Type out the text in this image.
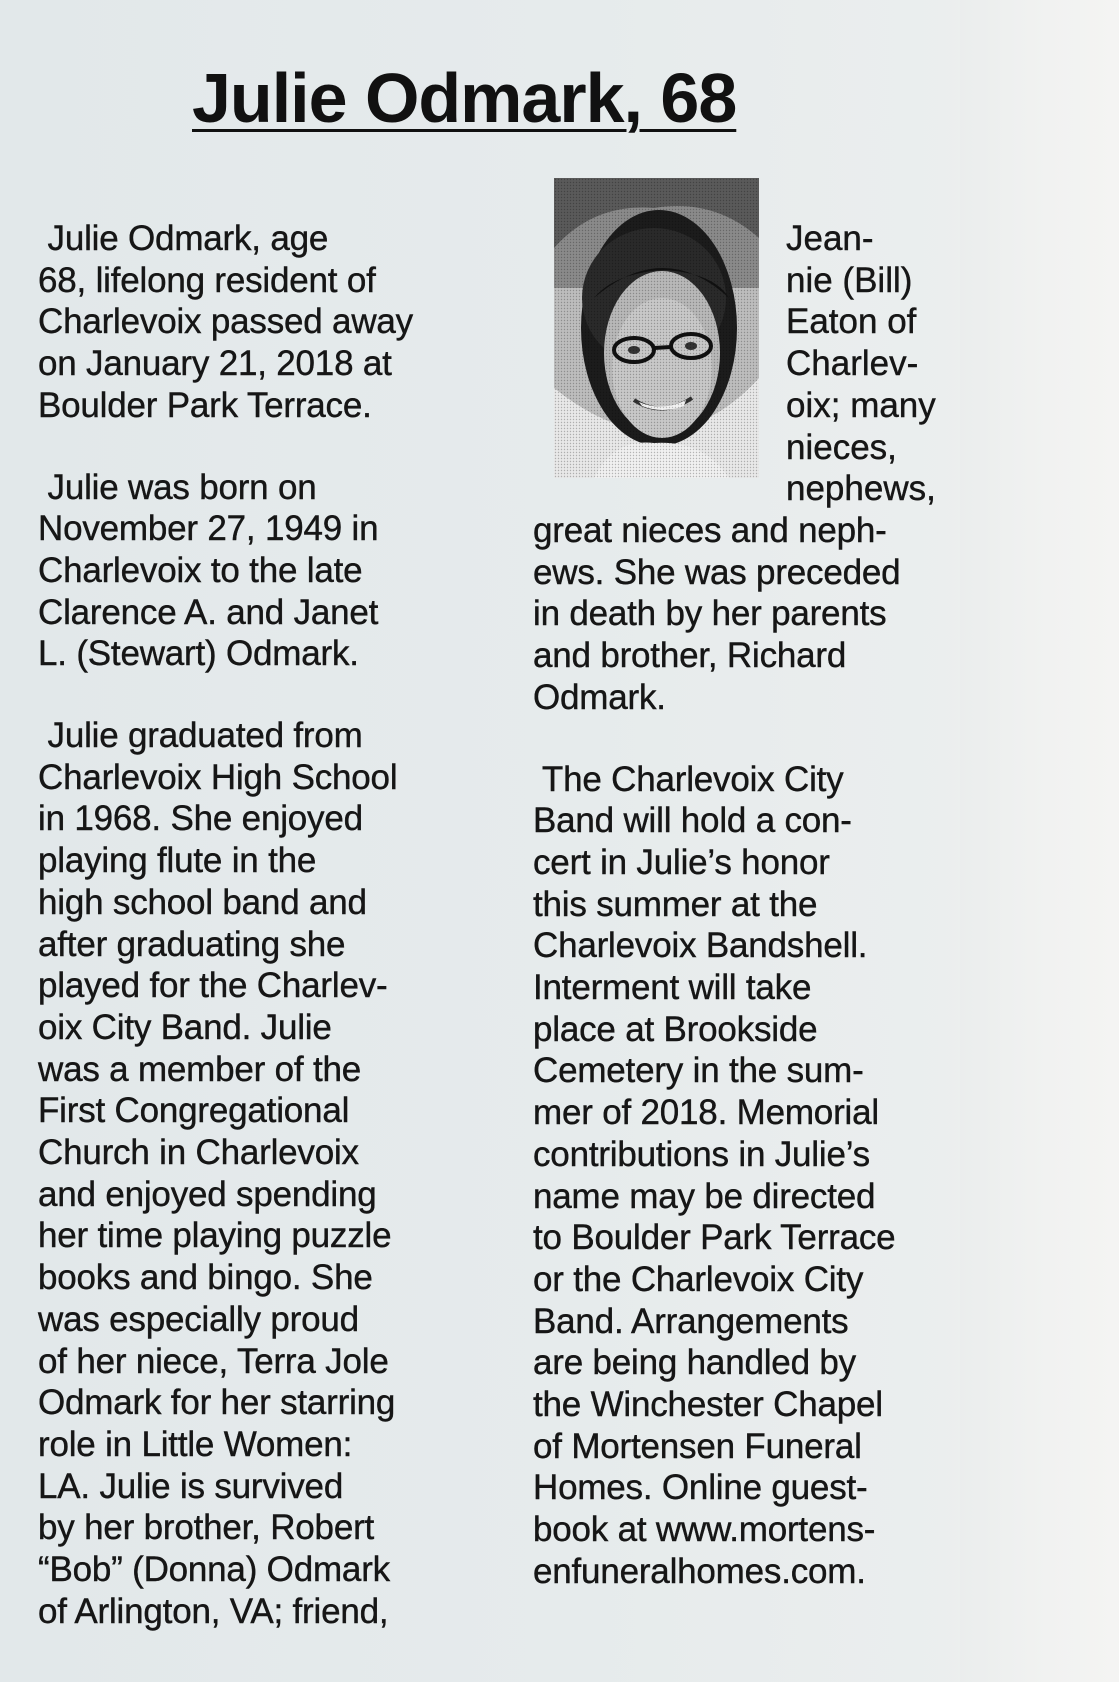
Julie Odmark, 68

Julie Odmark, age

68, lifelong resident of

Charlevoix passed away

on January 21, 2018 at

Boulder Park Terrace.

Julie was born on

November 27, 1949 in

Charlevoix to the late

Clarence A. and Janet

L. (Stewart) Odmark.

Julie graduated from

Charlevoix High School

in 1968. She enjoyed

playing flute in the

high school band and

after graduating she

played for the Charlev-

oix City Band. Julie

was a member of the

First Congregational

Church in Charlevoix

and enjoyed spending

her time playing puzzle

books and bingo. She

was especially proud

of her niece, Terra Jole

Odmark for her starring

role in Little Women:

LA. Julie is survived

by her brother, Robert

“Bob” (Donna) Odmark

of Arlington, VA; friend,

Jean-

nie (Bill)

Eaton of

Charlev-

oix; many

nieces,

nephews,

great nieces and neph-

ews. She was preceded

in death by her parents

and brother, Richard

Odmark.

The Charlevoix City

Band will hold a con-

cert in Julie’s honor

this summer at the

Charlevoix Bandshell.

Interment will take

place at Brookside

Cemetery in the sum-

mer of 2018. Memorial

contributions in Julie’s

name may be directed

to Boulder Park Terrace

or the Charlevoix City

Band. Arrangements

are being handled by

the Winchester Chapel

of Mortensen Funeral

Homes. Online guest-

book at www.mortens-

enfuneralhomes.com.
